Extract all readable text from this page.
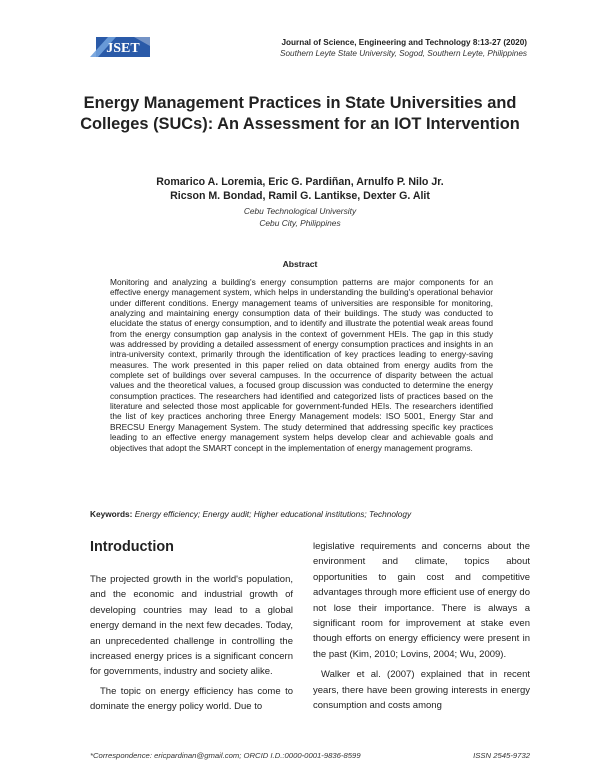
JSET	Journal of Science, Engineering and Technology 8:13-27 (2020)
Southern Leyte State University, Sogod, Southern Leyte, Philippines
Energy Management Practices in State Universities and Colleges (SUCs): An Assessment for an IOT Intervention
Romarico A. Loremia, Eric G. Pardiñan, Arnulfo P. Nilo Jr.
Ricson M. Bondad, Ramil G. Lantikse, Dexter G. Alit
Cebu Technological University
Cebu City, Philippines
Abstract
Monitoring and analyzing a building's energy consumption patterns are major components for an effective energy management system, which helps in understanding the building's operational behavior under different conditions. Energy management teams of universities are responsible for monitoring, analyzing and maintaining energy consumption data of their buildings. The study was conducted to elucidate the status of energy consumption, and to identify and illustrate the potential weak areas found from the energy consumption gap analysis in the context of government HEIs. The gap in this study was addressed by providing a detailed assessment of energy consumption practices and insights in an intra-university context, primarily through the identification of key practices leading to energy-saving measures. The work presented in this paper relied on data obtained from energy audits from the complete set of buildings over several campuses. In the occurrence of disparity between the actual values and the theoretical values, a focused group discussion was conducted to determine the energy consumption practices. The researchers had identified and categorized lists of practices based on the literature and selected those most applicable for government-funded HEIs. The researchers identified the list of key practices anchoring three Energy Management models: ISO 5001, Energy Star and BRECSU Energy Management System. The study determined that addressing specific key practices leading to an effective energy management system helps develop clear and achievable goals and objectives that adopt the SMART concept in the implementation of energy management programs.
Keywords: Energy efficiency; Energy audit; Higher educational institutions; Technology
Introduction

The projected growth in the world's population, and the economic and industrial growth of developing countries may lead to a global energy demand in the next few decades. Today, an unprecedented challenge in controlling the increased energy prices is a significant concern for governments, industry and society alike.

The topic on energy efficiency has come to dominate the energy policy world. Due to

legislative requirements and concerns about the environment and climate, topics about opportunities to gain cost and competitive advantages through more efficient use of energy do not lose their importance. There is always a significant room for improvement at stake even though efforts on energy efficiency were present in the past (Kim, 2010; Lovins, 2004; Wu, 2009).

Walker et al. (2007) explained that in recent years, there have been growing interests in energy consumption and costs among

*Correspondence: ericpardinan@gmail.com; ORCID I.D.:0000-0001-9836-8599	ISSN 2545-9732
